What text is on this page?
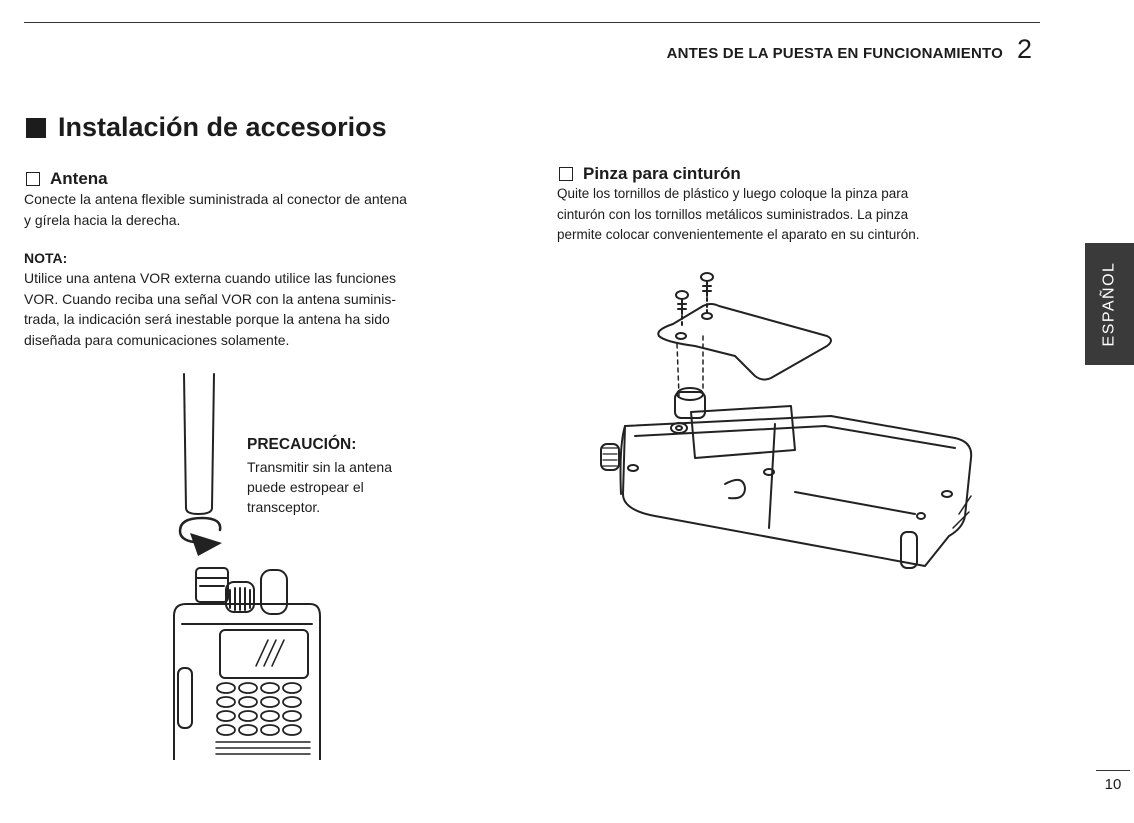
ANTES DE LA PUESTA EN FUNCIONAMIENTO 2
Instalación de accesorios
Antena
Conecte la antena flexible suministrada al conector de antena
y gírela hacia la derecha.
NOTA:
Utilice una antena VOR externa cuando utilice las funciones
VOR. Cuando reciba una señal VOR con la antena suminis-
trada, la indicación será inestable porque la antena ha sido
diseñada para comunicaciones solamente.
PRECAUCIÓN:
Transmitir sin la antena
puede estropear el
transceptor.
Pinza para cinturón
Quite los tornillos de plástico y luego coloque la pinza para
cinturón con los tornillos metálicos suministrados. La pinza
permite colocar convenientemente el aparato en su cinturón.
ESPAÑOL
10
